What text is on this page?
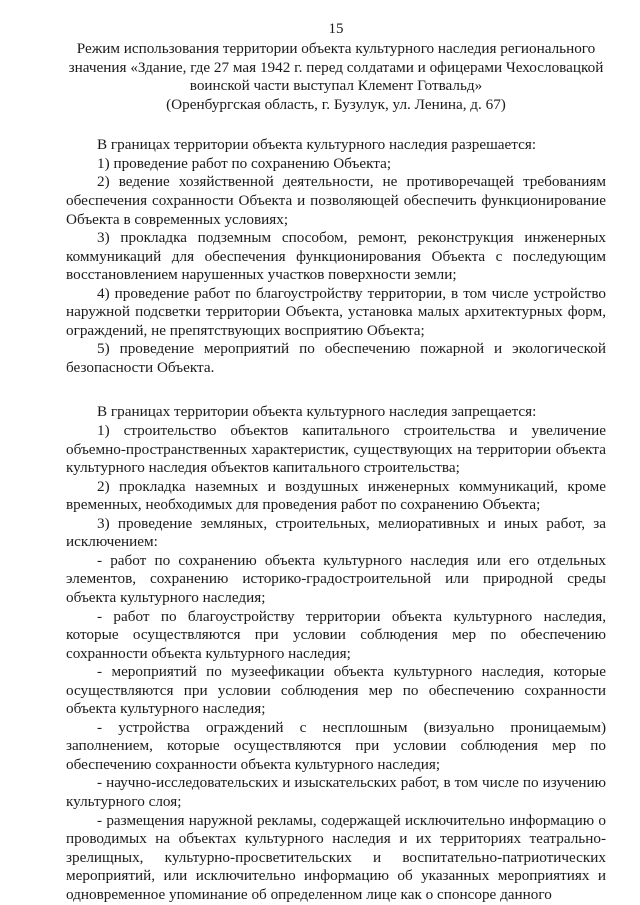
15
Режим использования территории объекта культурного наследия регионального
значения «Здание, где 27 мая 1942 г. перед солдатами и офицерами Чехословацкой
воинской части выступал Клемент Готвальд»
(Оренбургская область, г. Бузулук, ул. Ленина, д. 67)

В границах территории объекта культурного наследия разрешается:

1) проведение работ по сохранению Объекта;

2) ведение хозяйственной деятельности, не противоречащей требованиям обеспечения сохранности Объекта и позволяющей обеспечить функционирование Объекта в современных условиях;

3) прокладка подземным способом, ремонт, реконструкция инженерных коммуникаций для обеспечения функционирования Объекта с последующим восстановлением нарушенных участков поверхности земли;

4) проведение работ по благоустройству территории, в том числе устройство наружной подсветки территории Объекта, установка малых архитектурных форм, ограждений, не препятствующих восприятию Объекта;

5) проведение мероприятий по обеспечению пожарной и экологической безопасности Объекта.

В границах территории объекта культурного наследия запрещается:

1) строительство объектов капитального строительства и увеличение объемно-пространственных характеристик, существующих на территории объекта культурного наследия объектов капитального строительства;

2) прокладка наземных и воздушных инженерных коммуникаций, кроме временных, необходимых для проведения работ по сохранению Объекта;

3) проведение земляных, строительных, мелиоративных и иных работ, за исключением:

- работ по сохранению объекта культурного наследия или его отдельных элементов, сохранению историко-градостроительной или природной среды объекта культурного наследия;

- работ по благоустройству территории объекта культурного наследия, которые осуществляются при условии соблюдения мер по обеспечению сохранности объекта культурного наследия;

- мероприятий по музеефикации объекта культурного наследия, которые осуществляются при условии соблюдения мер по обеспечению сохранности объекта культурного наследия;

- устройства ограждений с несплошным (визуально проницаемым) заполнением, которые осуществляются при условии соблюдения мер по обеспечению сохранности объекта культурного наследия;

- научно-исследовательских и изыскательских работ, в том числе по изучению культурного слоя;

- размещения наружной рекламы, содержащей исключительно информацию о проводимых на объектах культурного наследия и их территориях театрально-зрелищных, культурно-просветительских и воспитательно-патриотических мероприятий, или исключительно информацию об указанных мероприятиях и одновременное упоминание об определенном лице как о спонсоре данного
